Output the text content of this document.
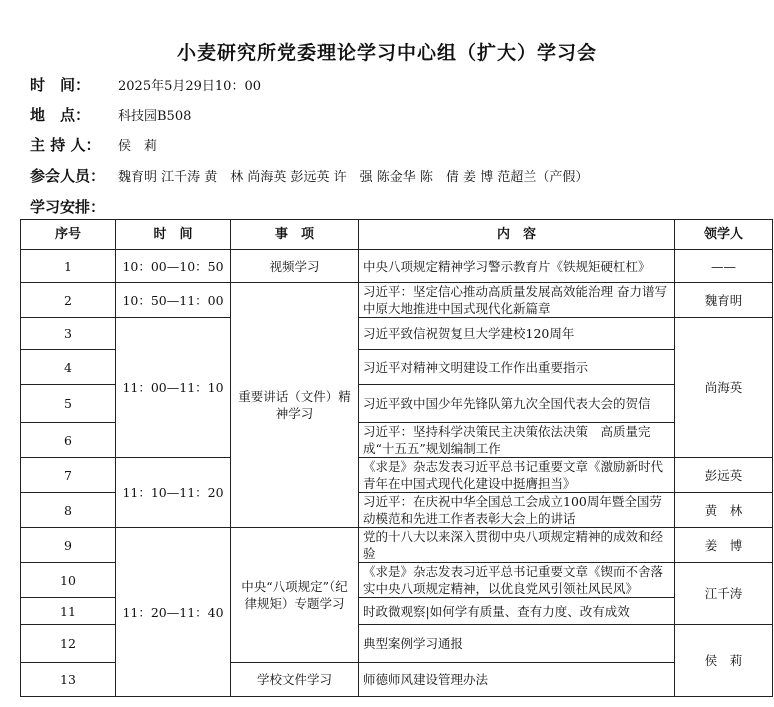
小麦研究所党委理论学习中心组（扩大）学习会
时　间：	2025年5月29日10：00
地　点：	科技园B508
主 持 人：	侯　莉
参会人员： 魏育明 江千涛 黄　林 尚海英 彭远英 许　强 陈金华 陈　倩 姜 博 范超兰（产假）
学习安排：
序号	时　间	事　项	内　容	领学人
1	10：00—10：50	视频学习	中央八项规定精神学习警示教育片《铁规矩硬杠杠》	——
2	10：50—11：00	重要讲话（文件）精神学习	习近平：坚定信心推动高质量发展高效能治理 奋力谱写中原大地推进中国式现代化新篇章	魏育明
3	11：00—11：10		习近平致信祝贺复旦大学建校120周年	尚海英
4			习近平对精神文明建设工作作出重要指示	
5			习近平致中国少年先锋队第九次全国代表大会的贺信	
6			习近平：坚持科学决策民主决策依法决策　高质量完成“十五五”规划编制工作	
7	11：10—11：20		《求是》杂志发表习近平总书记重要文章《激励新时代青年在中国式现代化建设中挺膺担当》	彭远英
8			习近平：在庆祝中华全国总工会成立100周年暨全国劳动模范和先进工作者表彰大会上的讲话	黄　林
9	11：20—11：40	中央“八项规定”（纪律规矩）专题学习	党的十八大以来深入贯彻中央八项规定精神的成效和经验	姜　博
10			《求是》杂志发表习近平总书记重要文章《锲而不舍落实中央八项规定精神，以优良党风引领社风民风》	江千涛
11			时政微观察|如何学有质量、查有力度、改有成效	
12			典型案例学习通报	侯　莉
13		学校文件学习	师德师风建设管理办法	
